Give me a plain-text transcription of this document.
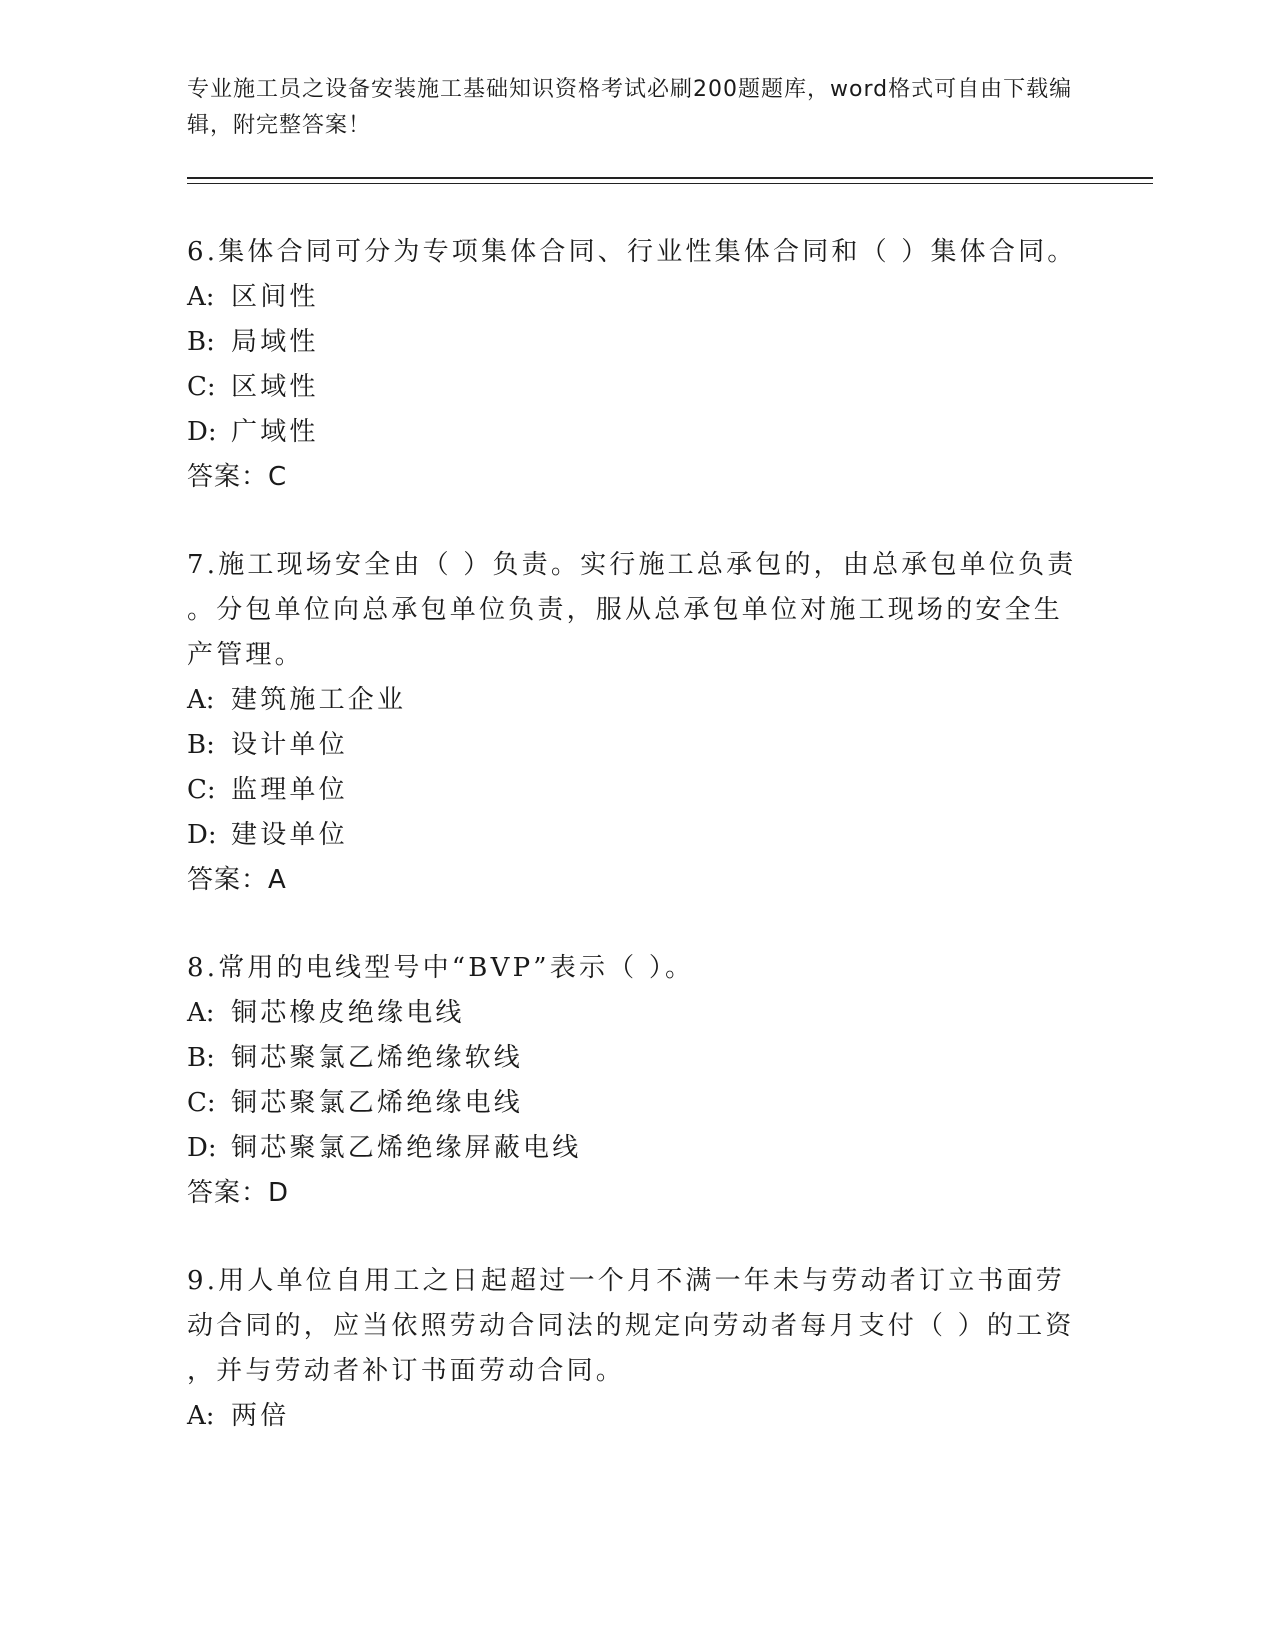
专业施工员之设备安装施工基础知识资格考试必刷200题题库，word格式可自由下载编辑，附完整答案！
6.集体合同可分为专项集体合同、行业性集体合同和（ ）集体合同。
A: 区间性
B: 局域性
C: 区域性
D: 广域性
答案：C
7.施工现场安全由（ ）负责。实行施工总承包的，由总承包单位负责
。分包单位向总承包单位负责，服从总承包单位对施工现场的安全生
产管理。
A: 建筑施工企业
B: 设计单位
C: 监理单位
D: 建设单位
答案：A
8.常用的电线型号中“BVP”表示（ ）。
A: 铜芯橡皮绝缘电线
B: 铜芯聚氯乙烯绝缘软线
C: 铜芯聚氯乙烯绝缘电线
D: 铜芯聚氯乙烯绝缘屏蔽电线
答案：D
9.用人单位自用工之日起超过一个月不满一年未与劳动者订立书面劳
动合同的，应当依照劳动合同法的规定向劳动者每月支付（ ）的工资
，并与劳动者补订书面劳动合同。
A: 两倍
